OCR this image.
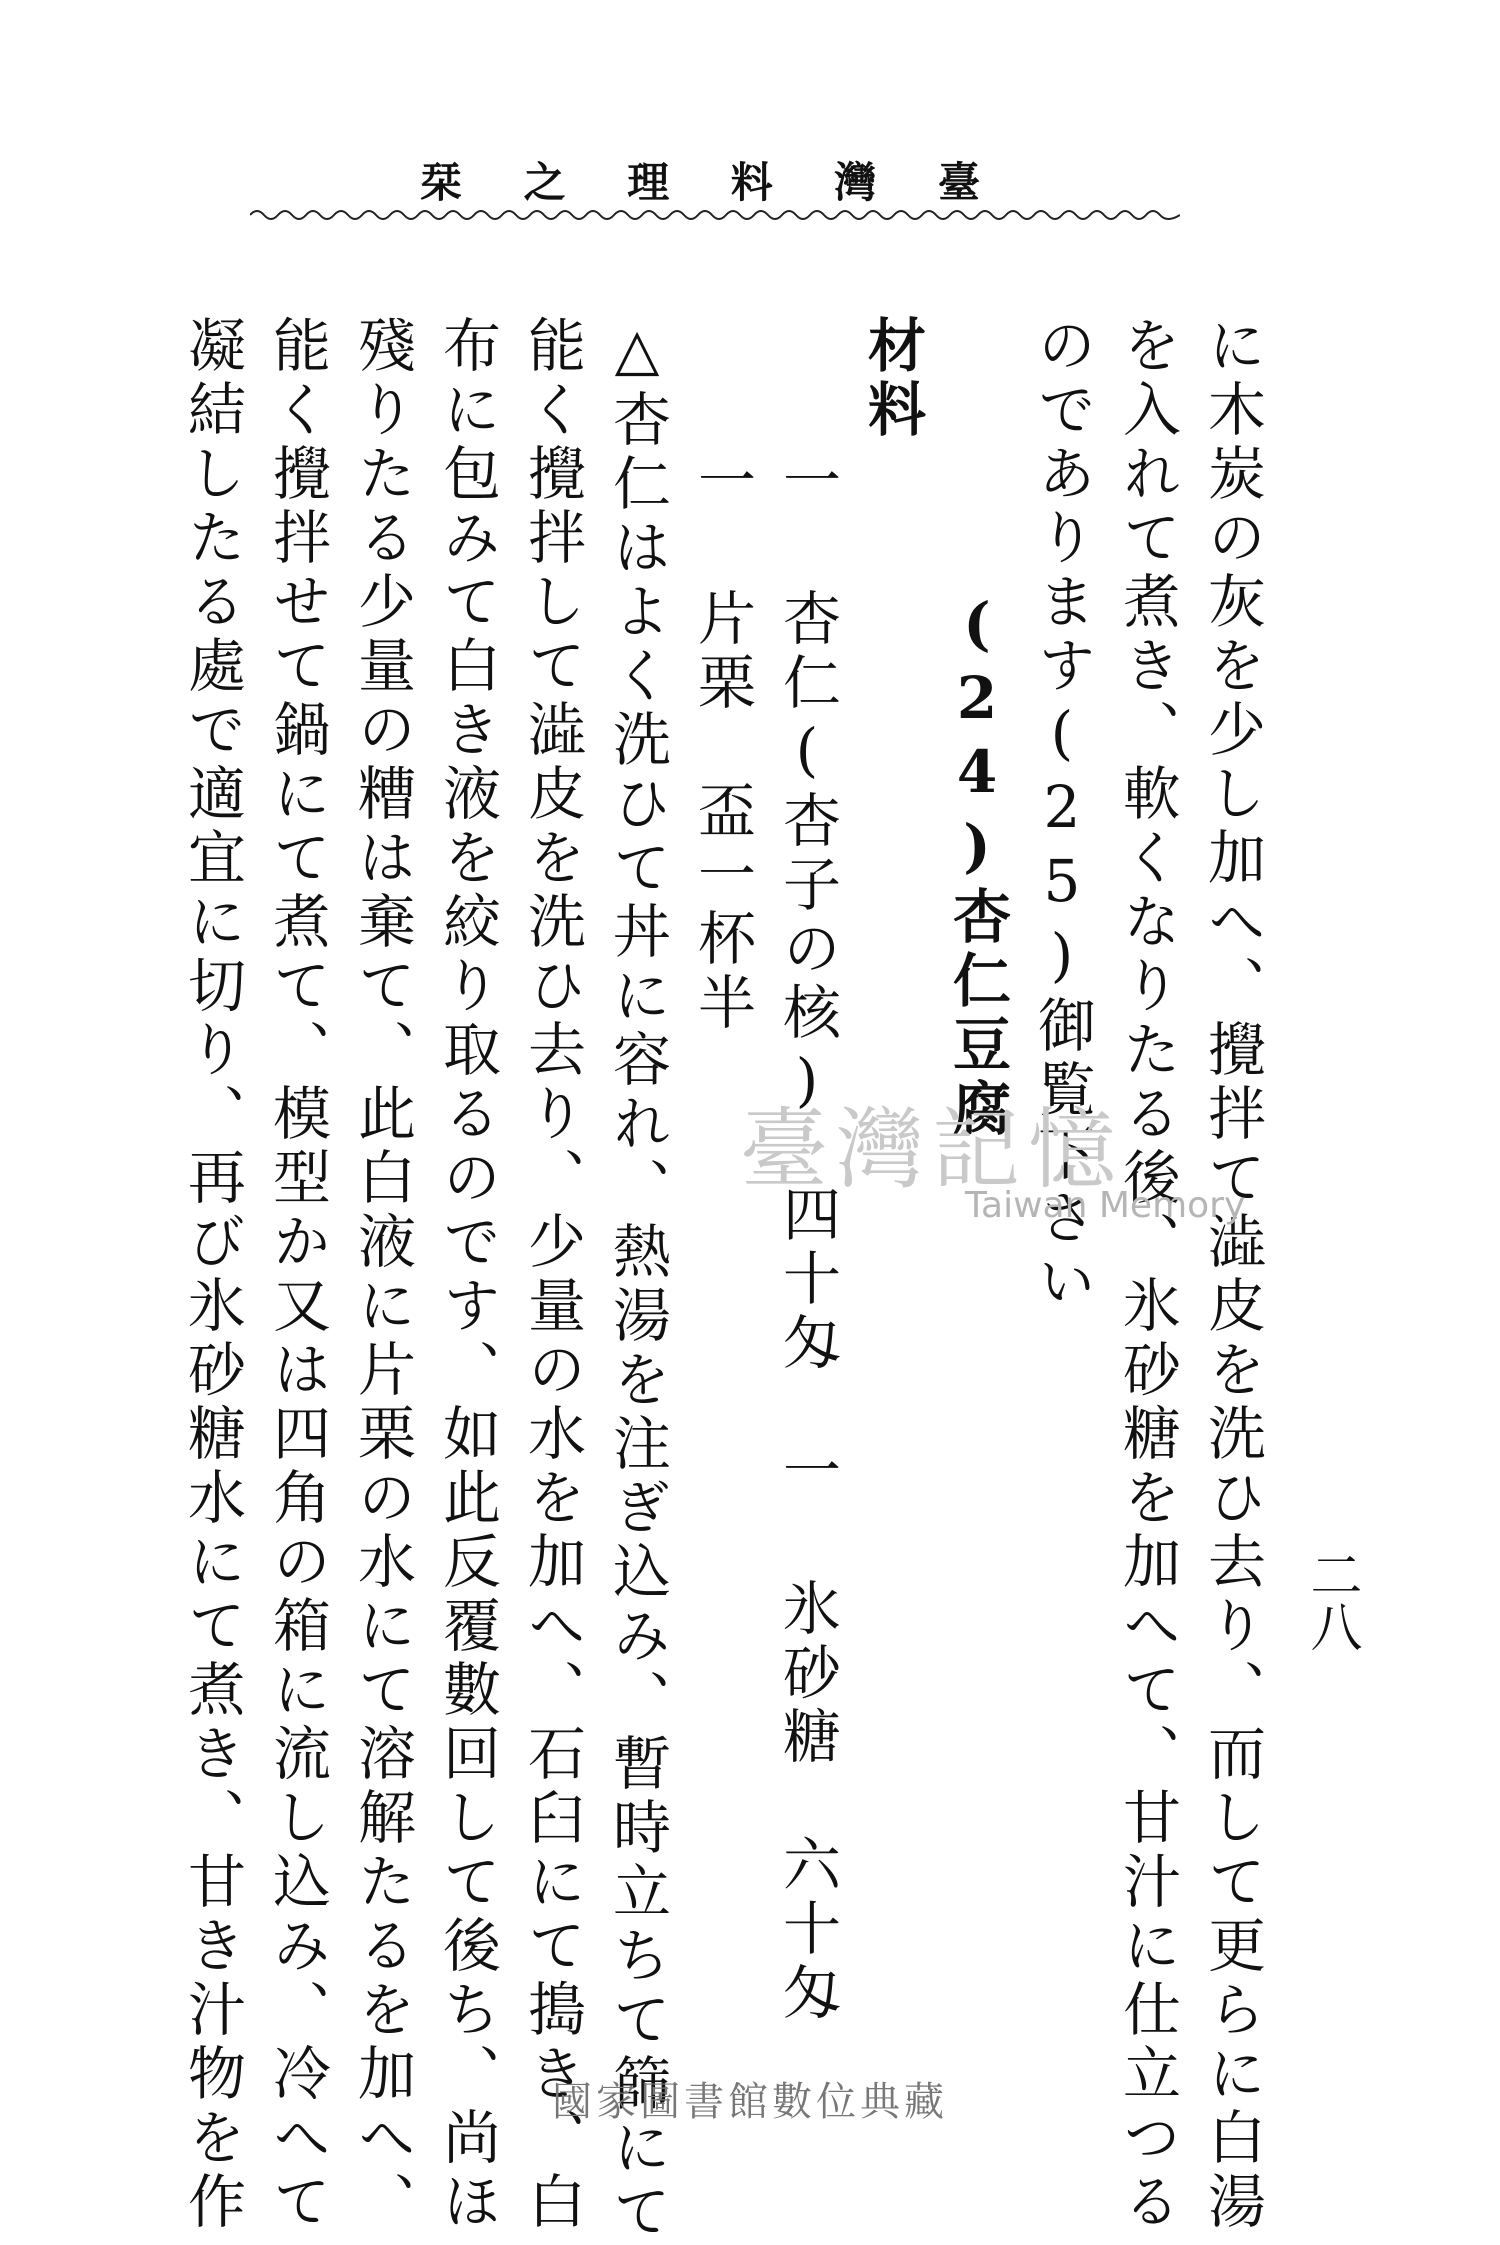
栞 之 理 料 灣 臺
二八
に木炭の灰を少し加へ、攪拌て澁皮を洗ひ去り、而して更らに白湯
を入れて煮き、軟くなりたる後、氷砂糖を加へて、甘汁に仕立つる
のであります(25)御覧下さい
(24)杏仁豆腐
材料
一 杏仁(杏子の核)　四十匁　一 氷砂糖　六十匁
一 片栗　盃一杯半
△杏仁はよく洗ひて丼に容れ、熱湯を注ぎ込み、暫時立ちて篩にて
能く攪拌して澁皮を洗ひ去り、少量の水を加へ、石臼にて搗き、白
布に包みて白き液を絞り取るのです、如此反覆數回して後ち、尚ほ
殘りたる少量の糟は棄て、此白液に片栗の水にて溶解たるを加へ、
能く攪拌せて鍋にて煮て、模型か又は四角の箱に流し込み、冷へて
凝結したる處で適宜に切り、再び氷砂糖水にて煮き、甘き汁物を作	臺灣記憶
Taiwan Memory
國家圖書館數位典藏
